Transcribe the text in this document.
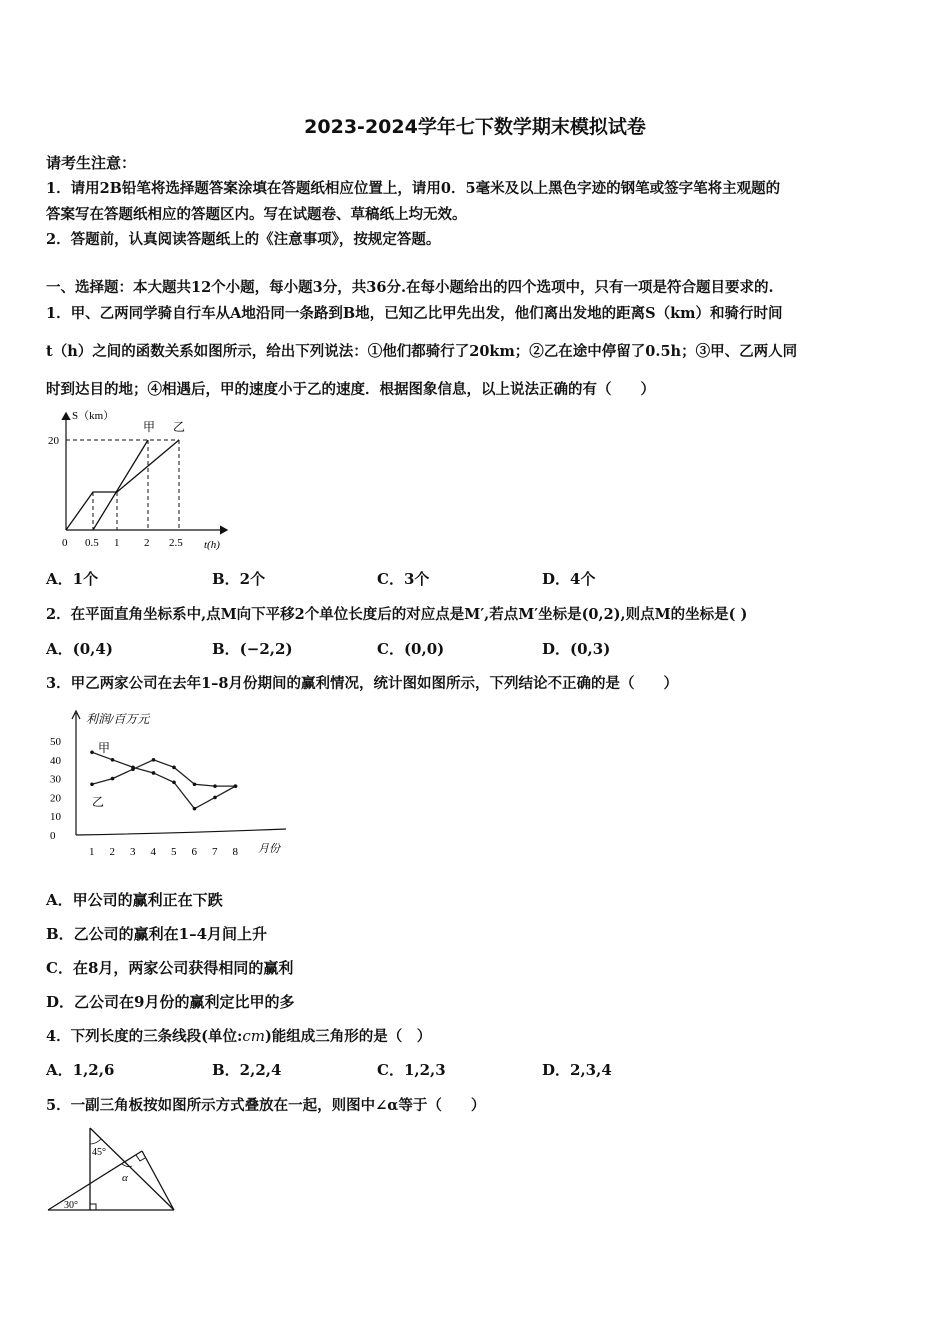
2023-2024学年七下数学期末模拟试卷
请考生注意：
1．请用2B铅笔将选择题答案涂填在答题纸相应位置上，请用0．5毫米及以上黑色字迹的钢笔或签字笔将主观题的
答案写在答题纸相应的答题区内。写在试题卷、草稿纸上均无效。
2．答题前，认真阅读答题纸上的《注意事项》，按规定答题。
一、选择题：本大题共12个小题，每小题3分，共36分.在每小题给出的四个选项中，只有一项是符合题目要求的.
1．甲、乙两同学骑自行车从A地沿同一条路到B地，已知乙比甲先出发，他们离出发地的距离S（km）和骑行时间
t（h）之间的函数关系如图所示，给出下列说法：①他们都骑行了20km；②乙在途中停留了0.5h；③甲、乙两人同
时到达目的地；④相遇后，甲的速度小于乙的速度．根据图象信息，以上说法正确的有（　　）
S（km）
20
甲 乙
0 0.5 1 2 2.5 t(h)
A．1个	B．2个	C．3个	D．4个
2．在平面直角坐标系中,点M向下平移2个单位长度后的对应点是M′,若点M′坐标是(0,2),则点M的坐标是( )
A．(0,4)	B．(−2,2)	C．(0,0)	D．(0,3)
3．甲乙两家公司在去年1–8月份期间的赢利情况，统计图如图所示，下列结论不正确的是（　　）
利润/百万元
月份
0
10
20
30
40
50
1 2 3 4 5 6 7 8
甲
乙
A．甲公司的赢利正在下跌
B．乙公司的赢利在1–4月间上升
C．在8月，两家公司获得相同的赢利
D．乙公司在9月份的赢利定比甲的多
4．下列长度的三条线段(单位:cm)能组成三角形的是（　）
A．1,2,6	B．2,2,4	C．1,2,3	D．2,3,4
5．一副三角板按如图所示方式叠放在一起，则图中∠α等于（　　）
45°
30°
α
